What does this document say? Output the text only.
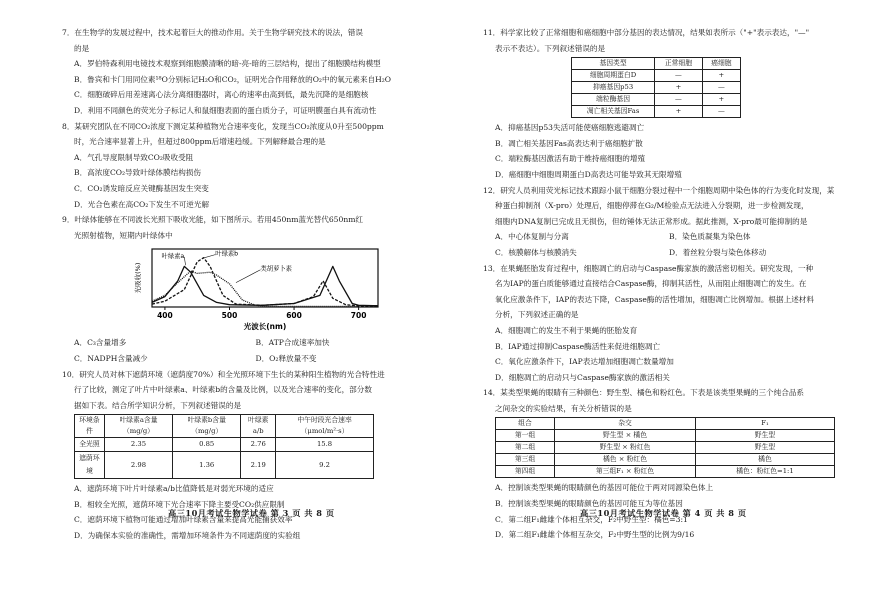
7．在生物学的发展过程中，技术起着巨大的推动作用。关于生物学研究技术的说法，错误
的是
A．罗伯特森利用电镜技术观察到细胞膜清晰的暗-亮-暗的三层结构，提出了细胞膜结构模型
B．鲁宾和卡门用同位素¹⁸O分别标记H₂O和CO₂，证明光合作用释放的O₂中的氧元素来自H₂O
C．细胞破碎后用差速离心法分离细胞器时，离心的速率由高到低，最先沉降的是细胞核
D．利用不同颜色的荧光分子标记人和鼠细胞表面的蛋白质分子，可证明膜蛋白具有流动性
8．某研究团队在不同CO₂浓度下测定某种植物光合速率变化，发现当CO₂浓度从0升至500ppm
时，光合速率显著上升，但超过800ppm后增速趋缓。下列解释最合理的是
A．气孔导度限制导致CO₂吸收受阻
B．高浓度CO₂导致叶绿体膜结构损伤
C．CO₂诱发暗反应关键酶基因发生突变
D．光合色素在高CO₂下发生不可逆光解
9．叶绿体能够在不同波长光照下吸收光能，如下图所示。若用450nm蓝光替代650nm红
光照射植物，短期内叶绿体中
光吸收(%)
400	500	600	700
光波长(nm)
叶绿素a	叶绿素b
类胡萝卜素
A．C₃含量增多	B．ATP合成速率加快
C．NADPH含量减少	D．O₂释放量不变
10．研究人员对林下遮荫环境（遮荫度70%）和全光照环境下生长的某种阳生植物的光合特性进
行了比较，测定了叶片中叶绿素a、叶绿素b的含量及比例，以及光合速率的变化，部分数
据如下表。结合所学知识分析，下列叙述错误的是
环境条件	叶绿素a含量（mg/g）	叶绿素b含量（mg/g）	叶绿素a/b	中午时段光合速率（μmol/m²·s）
全光照	2.35	0.85	2.76	15.8
遮荫环境	2.98	1.36	2.19	9.2
A．遮荫环境下叶片叶绿素a/b比值降低是对弱光环境的适应
B．相较全光照，遮荫环境下光合速率下降主要受CO₂供应限制
C．遮荫环境下植物可能通过增加叶绿素含量来提高光能捕获效率
D．为确保本实验的准确性，需增加环境条件为不同遮荫度的实验组
高三10月考试生物学试卷 第 3 页 共 8 页
11．科学家比较了正常细胞和癌细胞中部分基因的表达情况，结果如表所示（"+"表示表达，"—"
表示不表达）。下列叙述错误的是
基因类型	正常细胞	癌细胞
细胞周期蛋白D	—	+
抑癌基因p53	+	—
端粒酶基因	—	+
凋亡相关基因Fas	+	—
A．抑癌基因p53失活可能使癌细胞逃避凋亡
B．凋亡相关基因Fas高表达利于癌细胞扩散
C．端粒酶基因激活有助于维持癌细胞的增殖
D．癌细胞中细胞周期蛋白D高表达可能导致其无限增殖
12．研究人员利用荧光标记技术跟踪小鼠干细胞分裂过程中一个细胞周期中染色体的行为变化时发现，某
种蛋白抑制剂（X-pro）处理后，细胞停滞在G₂/M检验点无法进入分裂期，进一步检测发现，
细胞内DNA复制已完成且无损伤，但纺锤体无法正常形成。据此推测，X-pro最可能抑制的是
A．中心体复制与分离	B．染色质凝集为染色体
C．核膜解体与核膜消失	D．着丝粒分裂与染色体移动
13．在果蝇胚胎发育过程中，细胞凋亡的启动与Caspase酶家族的激活密切相关。研究发现，一种
名为IAP的蛋白质能够通过直接结合Caspase酶，抑制其活性，从而阻止细胞凋亡的发生。在
氧化应激条件下，IAP的表达下降，Caspase酶的活性增加，细胞凋亡比例增加。根据上述材料
分析，下列叙述正确的是
A．细胞凋亡的发生不利于果蝇的胚胎发育
B．IAP通过抑制Caspase酶活性来促进细胞凋亡
C．氧化应激条件下，IAP表达增加细胞凋亡数量增加
D．细胞凋亡的启动只与Caspase酶家族的激活相关
14．某类型果蝇的眼睛有三种颜色：野生型、橘色和粉红色。下表是该类型果蝇的三个纯合品系
之间杂交的实验结果，有关分析错误的是
组合	杂交	F₁
第一组	野生型 × 橘色	野生型
第二组	野生型 × 粉红色	野生型
第三组	橘色 × 粉红色	橘色
第四组	第三组F₁ × 粉红色	橘色：粉红色=1:1
A．控制该类型果蝇的眼睛颜色的基因可能位于两对同源染色体上
B．控制该类型果蝇的眼睛颜色的基因可能互为等位基因
C．第二组F₁雌雄个体相互杂交，F₂中野生型：橘色=3:1
D．第二组F₁雌雄个体相互杂交，F₂中野生型的比例为9/16
高三10月考试生物学试卷 第 4 页 共 8 页
